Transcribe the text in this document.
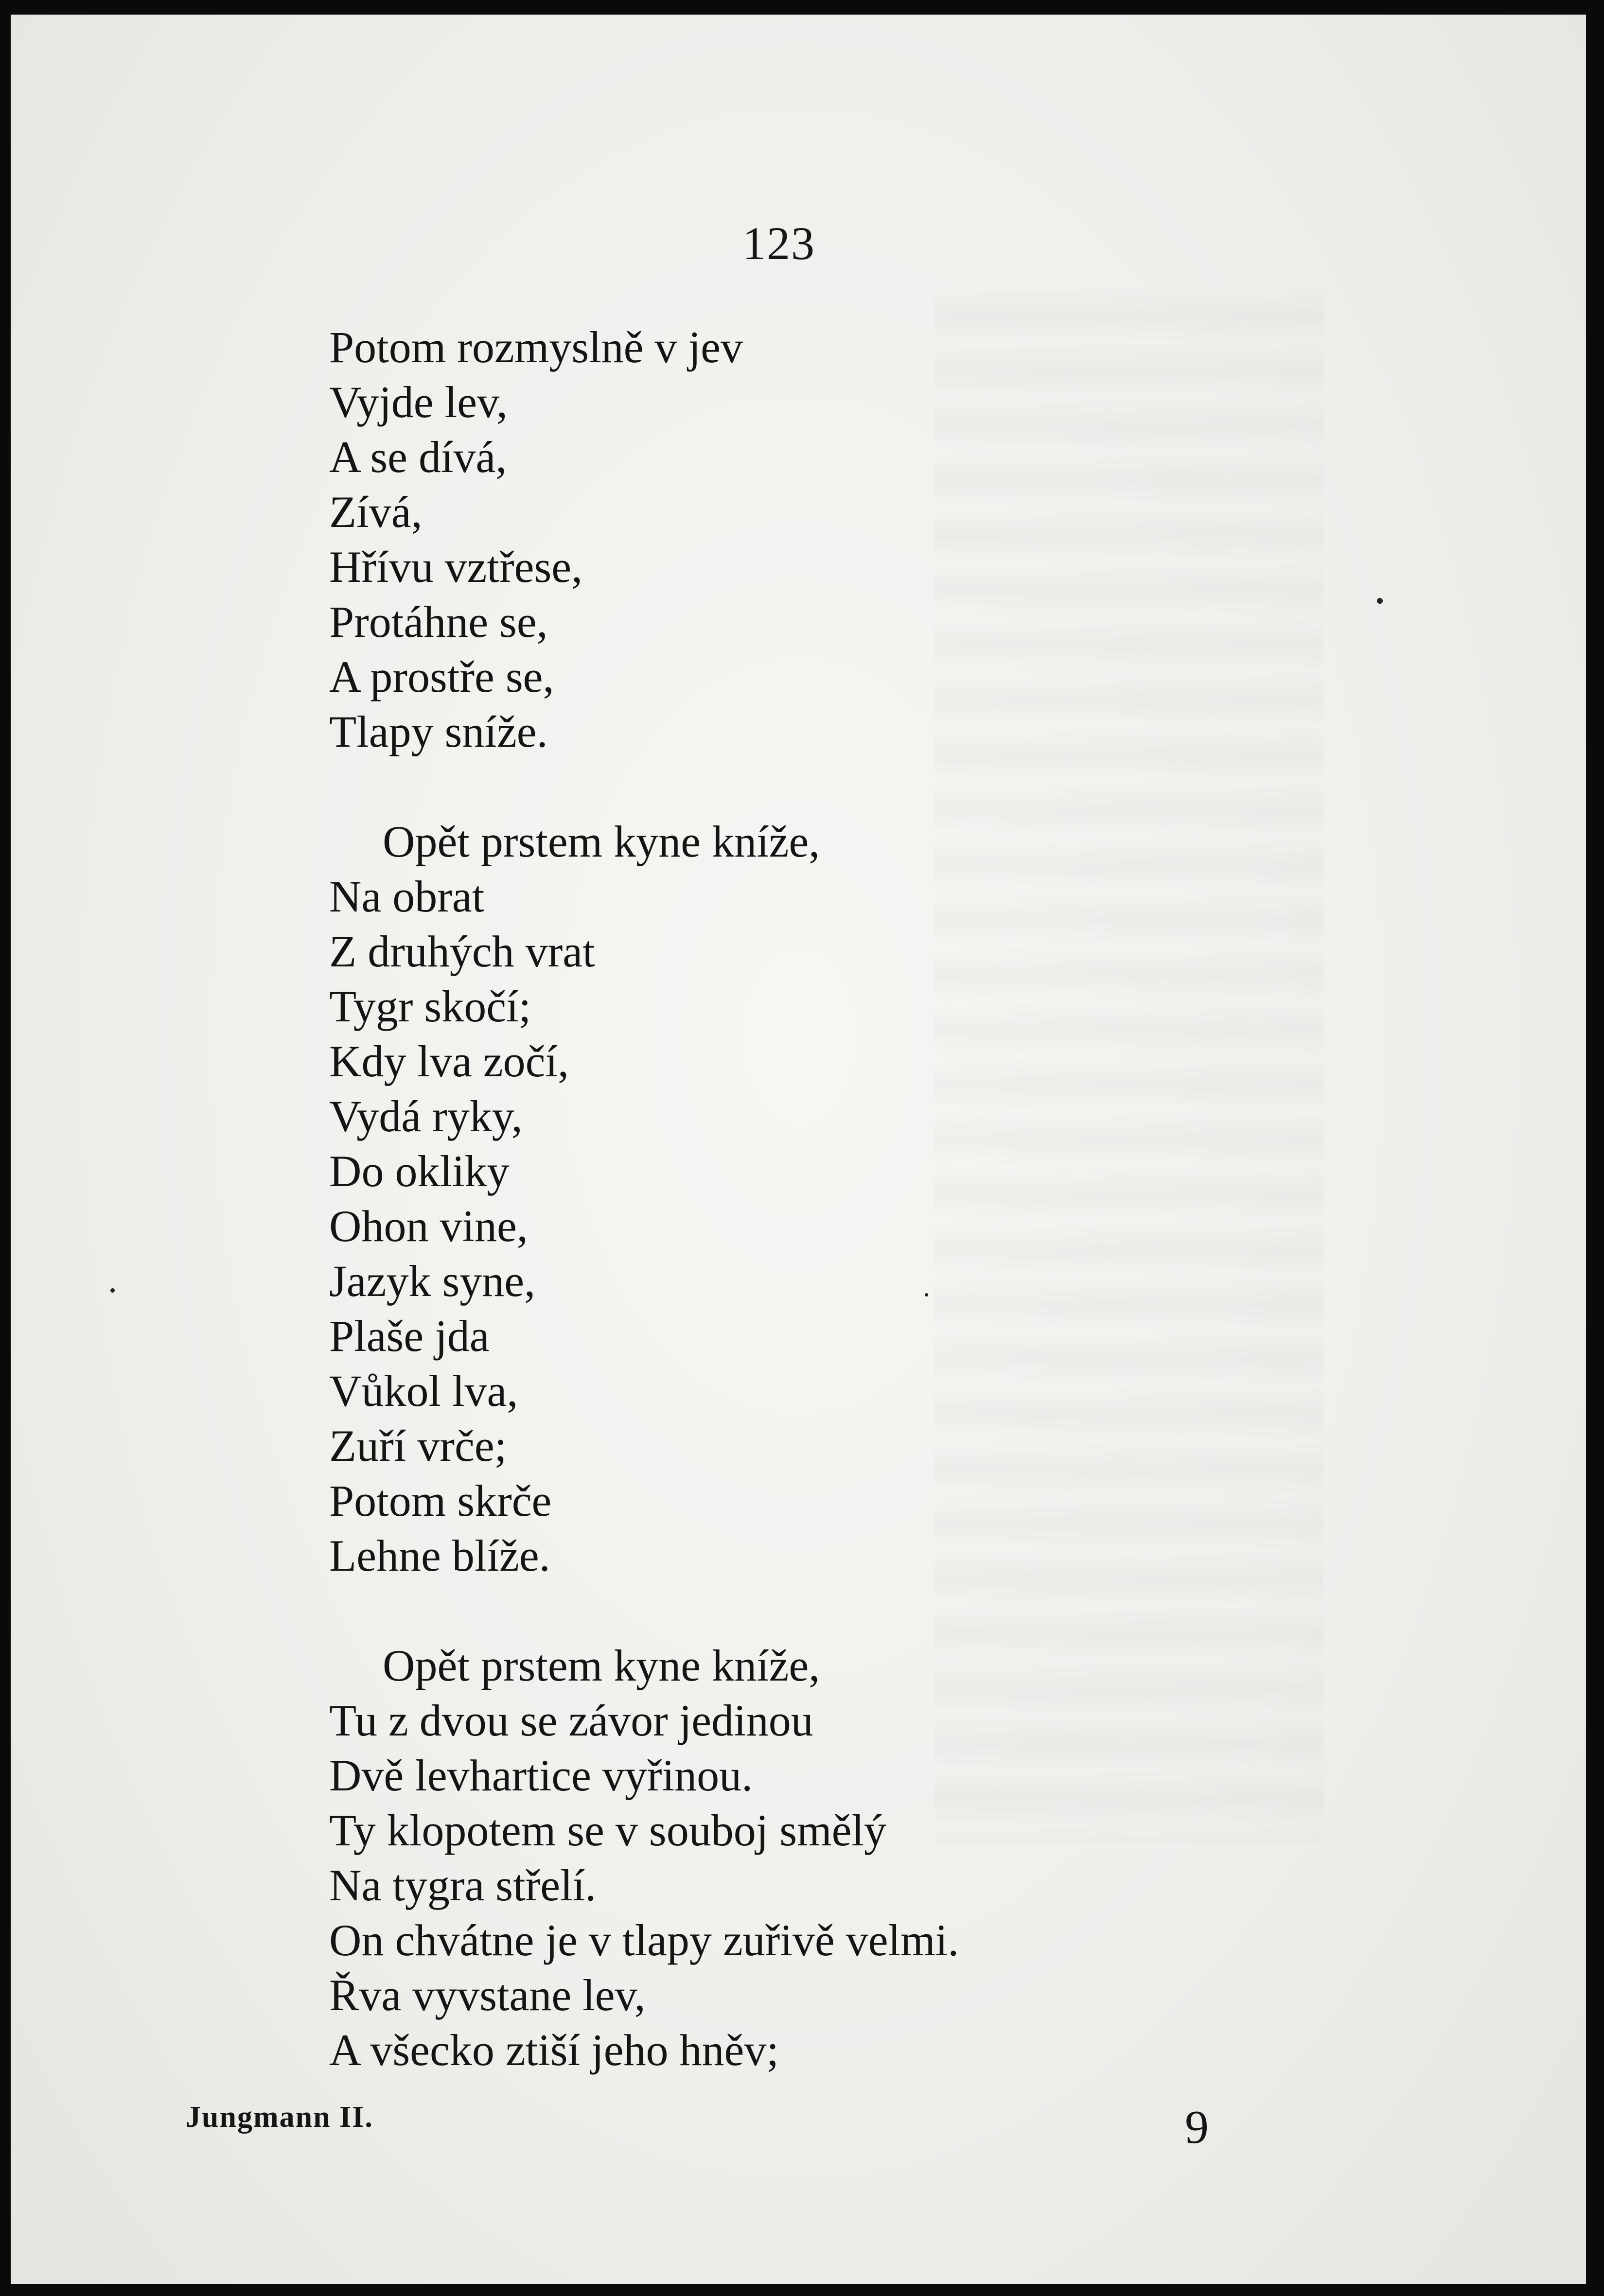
123
Potom rozmyslně v jev
Vyjde lev,
A se dívá,
Zívá,
Hřívu vztřese,
Protáhne se,
A prostře se,
Tlapy sníže.
Opět prstem kyne kníže,
Na obrat
Z druhých vrat
Tygr skočí;
Kdy lva zočí,
Vydá ryky,
Do okliky
Ohon vine,
Jazyk syne,
Plaše jda
Vůkol lva,
Zuří vrče;
Potom skrče
Lehne blíže.
Opět prstem kyne kníže,
Tu z dvou se závor jedinou
Dvě levhartice vyřinou.
Ty klopotem se v souboj smělý
Na tygra střelí.
On chvátne je v tlapy zuřivě velmi.
Řva vyvstane lev,
A všecko ztiší jeho hněv;
Jungmann II.	9
